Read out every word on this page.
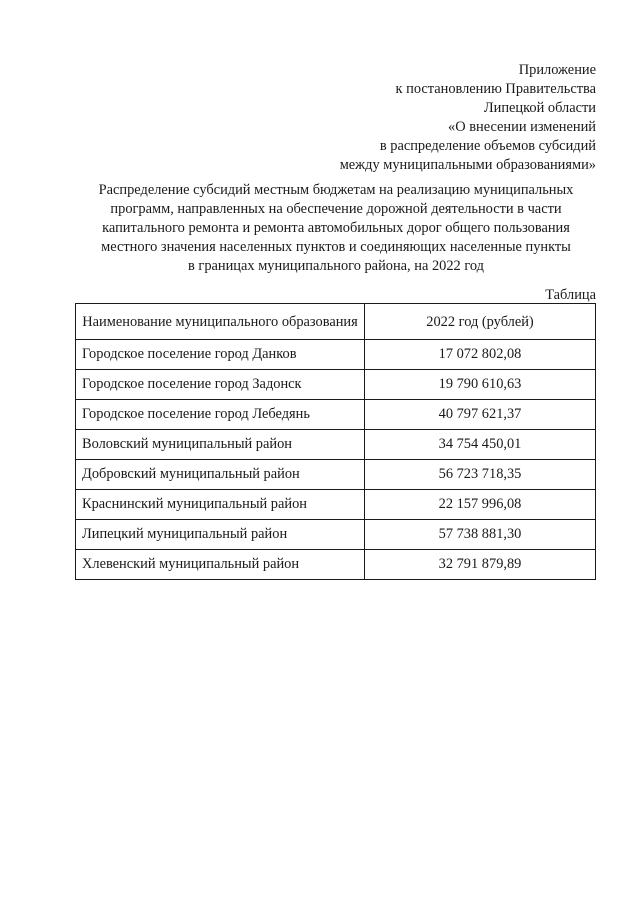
Приложение
к постановлению Правительства
Липецкой области
«О внесении изменений
в распределение объемов субсидий
между муниципальными образованиями»
Распределение субсидий местным бюджетам на реализацию муниципальных
программ, направленных на обеспечение дорожной деятельности в части
капитального ремонта и ремонта автомобильных дорог общего пользования
местного значения населенных пунктов и соединяющих населенные пункты
в границах муниципального района, на 2022 год
Таблица
Наименование муниципального образования	2022 год (рублей)
Городское поселение город Данков	17 072 802,08
Городское поселение город Задонск	19 790 610,63
Городское поселение город Лебедянь	40 797 621,37
Воловский муниципальный район	34 754 450,01
Добровский муниципальный район	56 723 718,35
Краснинский муниципальный район	22 157 996,08
Липецкий муниципальный район	57 738 881,30
Хлевенский муниципальный район	32 791 879,89
